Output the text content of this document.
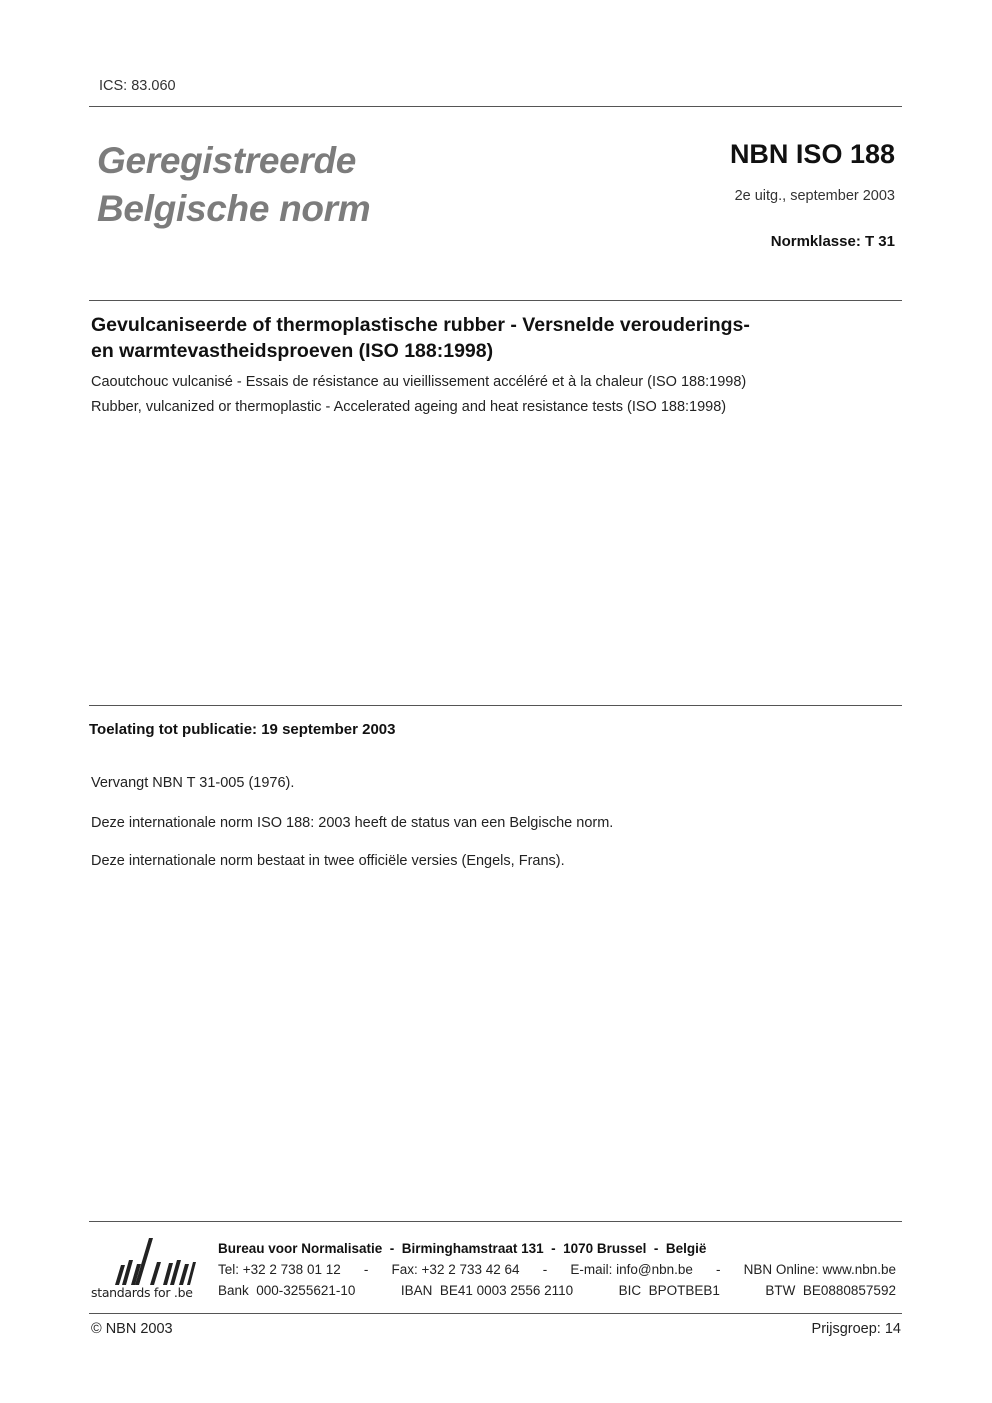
ICS: 83.060
Geregistreerde
Belgische norm
NBN ISO 188
2e uitg., september 2003
Normklasse: T 31
Gevulcaniseerde of thermoplastische rubber - Versnelde verouderings-
en warmtevastheidsproeven (ISO 188:1998)
Caoutchouc vulcanisé - Essais de résistance au vieillissement accéléré et à la chaleur (ISO 188:1998)
Rubber, vulcanized or thermoplastic - Accelerated ageing and heat resistance tests (ISO 188:1998)
Toelating tot publicatie: 19 september 2003
Vervangt NBN T 31-005 (1976).
Deze internationale norm ISO 188: 2003 heeft de status van een Belgische norm.
Deze internationale norm bestaat in twee officiële versies (Engels, Frans).
standards for .be
Bureau voor Normalisatie  -  Birminghamstraat 131  -  1070 Brussel  -  België
Tel: +32 2 738 01 12 - Fax: +32 2 733 42 64 - E-mail: info@nbn.be - NBN Online: www.nbn.be
Bank  000-3255621-10	IBAN  BE41 0003 2556 2110	BIC  BPOTBEB1	BTW  BE0880857592
© NBN 2003	Prijsgroep: 14
